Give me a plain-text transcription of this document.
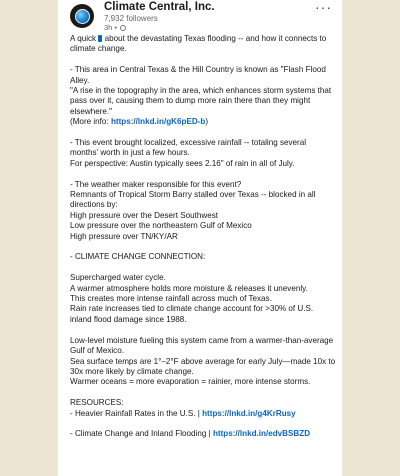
Climate Central, Inc.
7,932 followers
3h •
···

A quick  about the devastating Texas flooding -- and how it connects to climate change.

- This area in Central Texas & the Hill Country is known as "Flash Flood Alley.
"A rise in the topography in the area, which enhances storm systems that pass over it, causing them to dump more rain there than they might elsewhere."

(More info: https://lnkd.in/gK6pED-b)

- This event brought localized, excessive rainfall -- totaling several months' worth in just a few hours.
For perspective: Austin typically sees 2.16" of rain in all of July.

- The weather maker responsible for this event?
Remnants of Tropical Storm Barry stalled over Texas -- blocked in all directions by:
High pressure over the Desert Southwest
Low pressure over the northeastern Gulf of Mexico
High pressure over TN/KY/AR

- CLIMATE CHANGE CONNECTION:

Supercharged water cycle.
A warmer atmosphere holds more moisture & releases it unevenly.
This creates more intense rainfall across much of Texas.
Rain rate increases tied to climate change account for >30% of U.S. inland flood damage since 1988.

Low-level moisture fueling this system came from a warmer-than-average Gulf of Mexico.
Sea surface temps are 1°–2°F above average for early July—made 10x to 30x more likely by climate change.
Warmer oceans = more evaporation = rainier, more intense storms.

RESOURCES:

- Heavier Rainfall Rates in the U.S. | https://lnkd.in/g4KrRusy

- Climate Change and Inland Flooding | https://lnkd.in/edvBSBZD
